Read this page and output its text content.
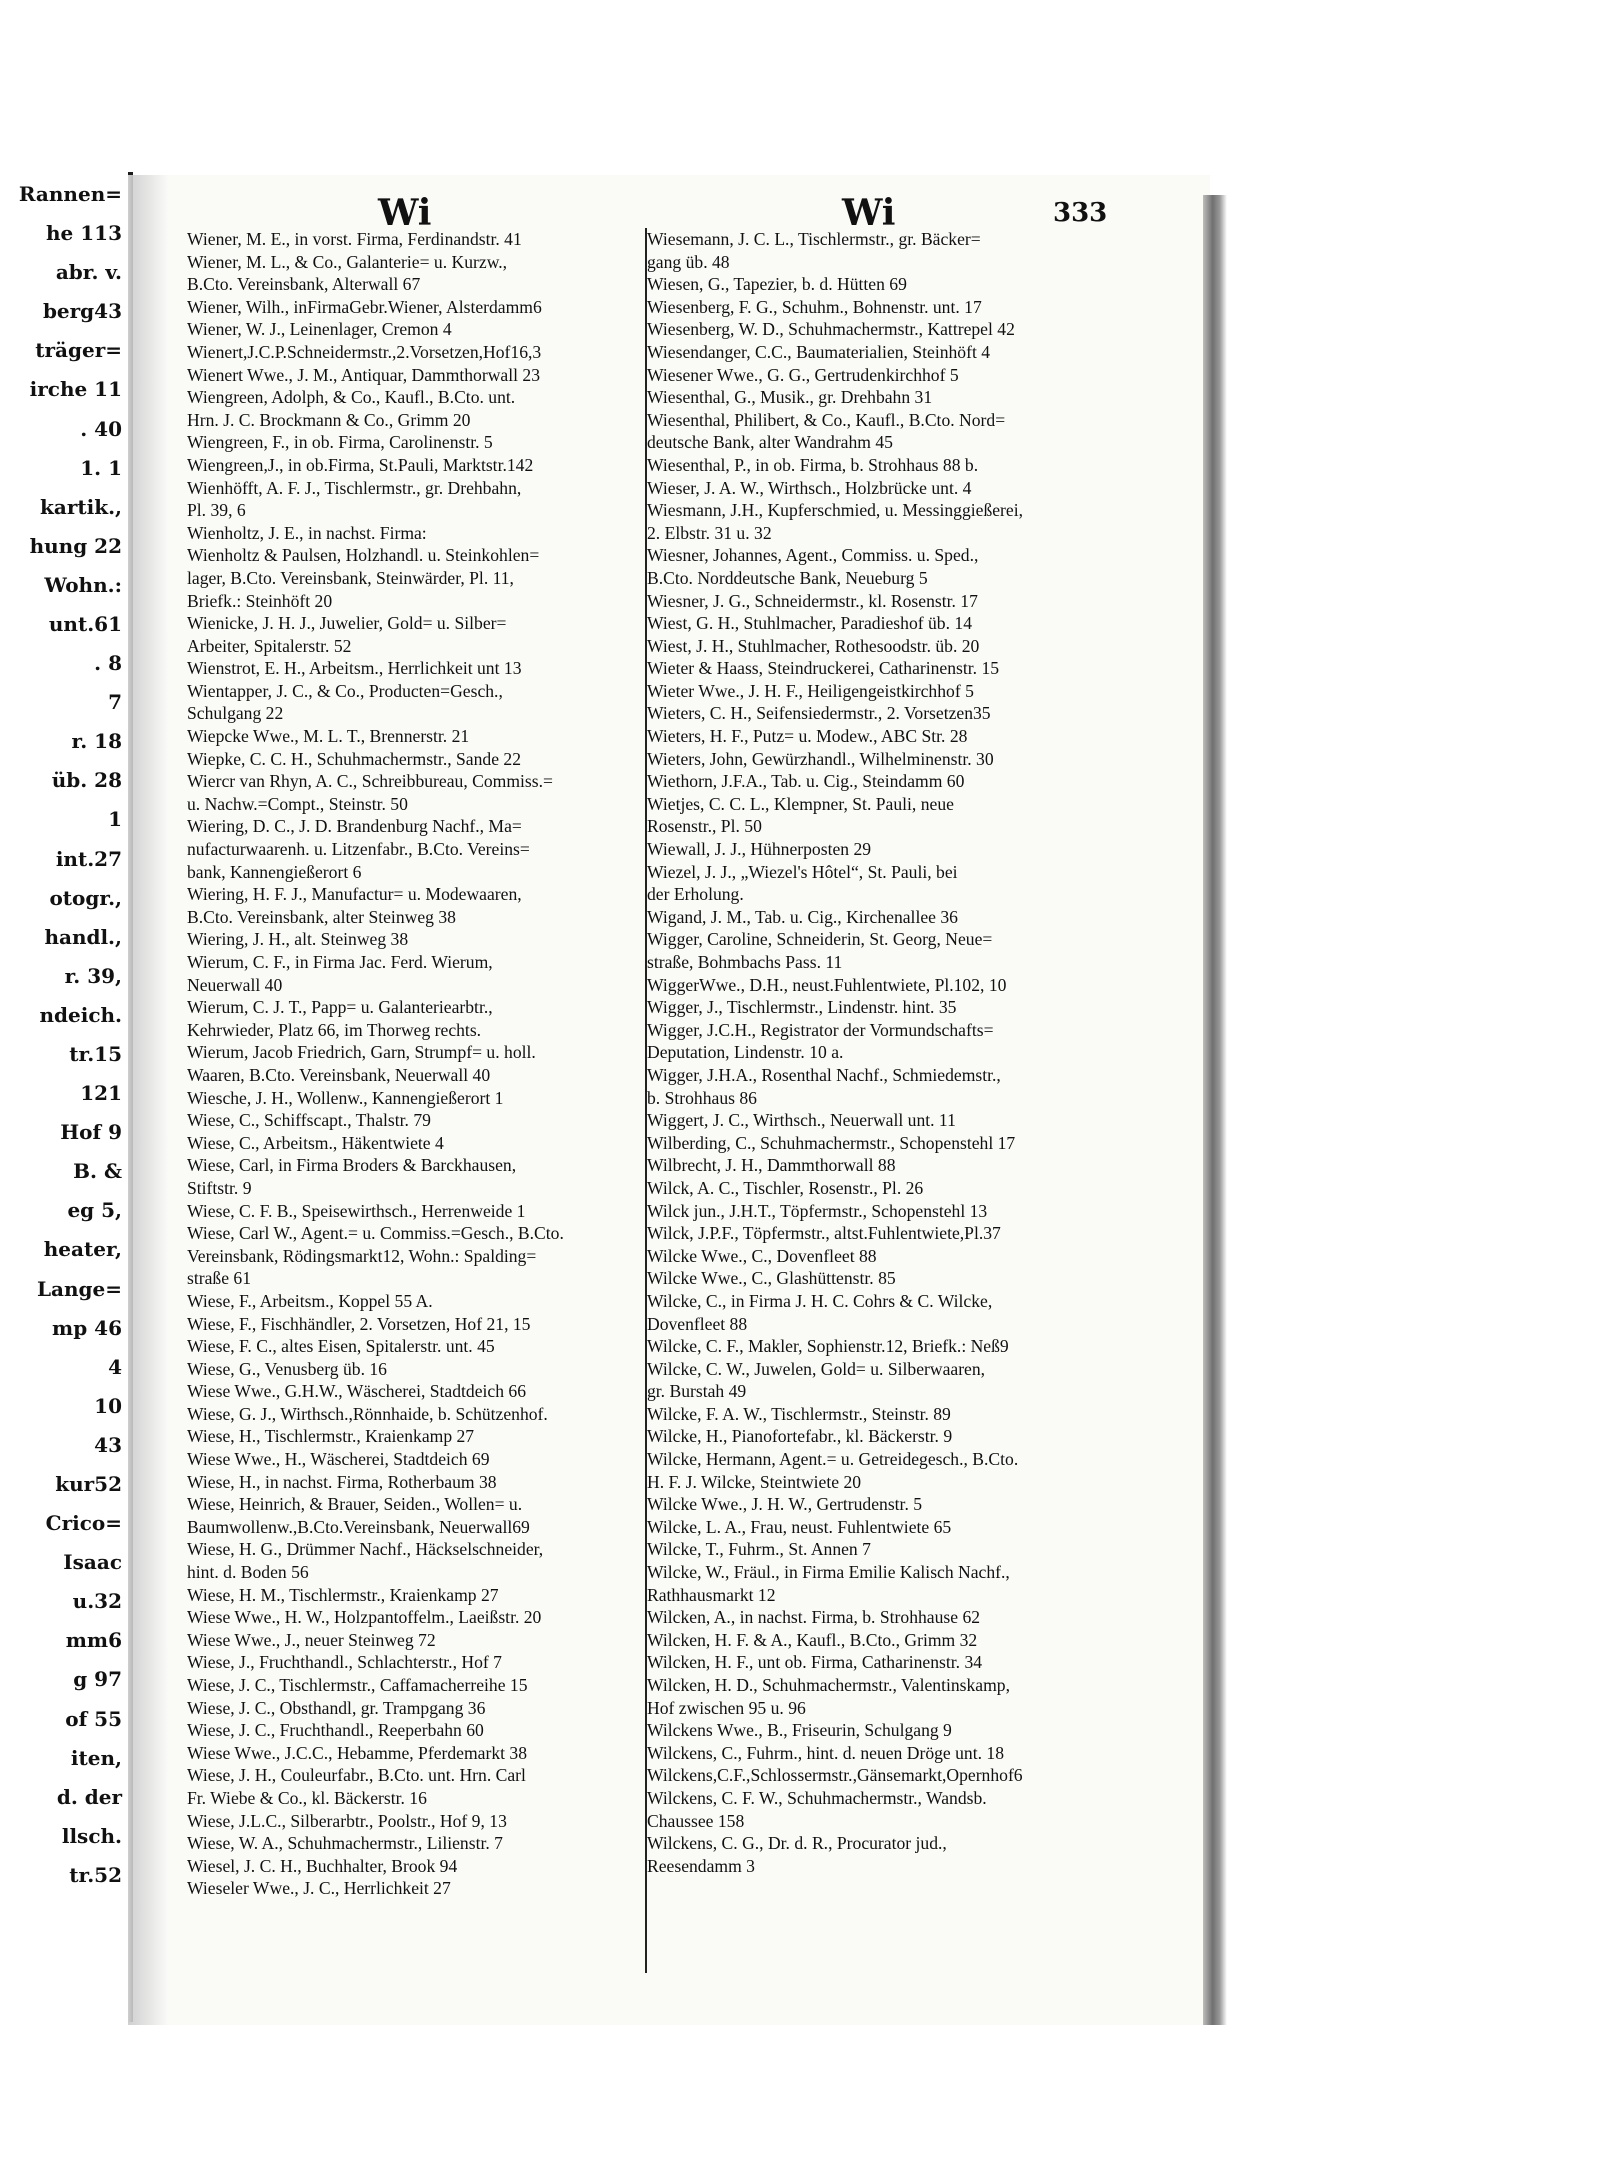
Rannen=
he 113
abr. v.
berg43
träger=
irche 11
. 40
1. 1
kartik.,
hung 22
Wohn.:
unt.61
. 8
7
r. 18
üb. 28
1
int.27
otogr.,
handl.,
r. 39,
ndeich.
tr.15
121
Hof 9
B. &
eg 5,
heater,
Lange=
mp 46
4
10
43
kur52
Crico=
Isaac
u.32
mm6
g 97
of 55
iten,
d. der
llsch.
tr.52
Wi	Wi	333

Wiener, M. E., in vorst. Firma, Ferdinandstr. 41

Wiener, M. L., & Co., Galanterie= u. Kurzw.,
B.Cto. Vereinsbank, Alterwall 67

Wiener, Wilh., inFirmaGebr.Wiener, Alsterdamm6

Wiener, W. J., Leinenlager, Cremon 4

Wienert,J.C.P.Schneidermstr.,2.Vorsetzen,Hof16,3

Wienert Wwe., J. M., Antiquar, Dammthorwall 23

Wiengreen, Adolph, & Co., Kaufl., B.Cto. unt.
Hrn. J. C. Brockmann & Co., Grimm 20

Wiengreen, F., in ob. Firma, Carolinenstr. 5

Wiengreen,J., in ob.Firma, St.Pauli, Marktstr.142

Wienhöfft, A. F. J., Tischlermstr., gr. Drehbahn,
Pl. 39, 6

Wienholtz, J. E., in nachst. Firma:

Wienholtz & Paulsen, Holzhandl. u. Steinkohlen=
lager, B.Cto. Vereinsbank, Steinwärder, Pl. 11,
Briefk.: Steinhöft 20

Wienicke, J. H. J., Juwelier, Gold= u. Silber=
Arbeiter, Spitalerstr. 52

Wienstrot, E. H., Arbeitsm., Herrlichkeit unt 13

Wientapper, J. C., & Co., Producten=Gesch.,
Schulgang 22

Wiepcke Wwe., M. L. T., Brennerstr. 21

Wiepke, C. C. H., Schuhmachermstr., Sande 22

Wiercr van Rhyn, A. C., Schreibbureau, Commiss.=
u. Nachw.=Compt., Steinstr. 50

Wiering, D. C., J. D. Brandenburg Nachf., Ma=
nufacturwaarenh. u. Litzenfabr., B.Cto. Vereins=
bank, Kannengießerort 6

Wiering, H. F. J., Manufactur= u. Modewaaren,
B.Cto. Vereinsbank, alter Steinweg 38

Wiering, J. H., alt. Steinweg 38

Wierum, C. F., in Firma Jac. Ferd. Wierum,
Neuerwall 40

Wierum, C. J. T., Papp= u. Galanteriearbtr.,
Kehrwieder, Platz 66, im Thorweg rechts.

Wierum, Jacob Friedrich, Garn, Strumpf= u. holl.
Waaren, B.Cto. Vereinsbank, Neuerwall 40

Wiesche, J. H., Wollenw., Kannengießerort 1

Wiese, C., Schiffscapt., Thalstr. 79

Wiese, C., Arbeitsm., Häkentwiete 4

Wiese, Carl, in Firma Broders & Barckhausen,
Stiftstr. 9

Wiese, C. F. B., Speisewirthsch., Herrenweide 1

Wiese, Carl W., Agent.= u. Commiss.=Gesch., B.Cto.
Vereinsbank, Rödingsmarkt12, Wohn.: Spalding=
straße 61

Wiese, F., Arbeitsm., Koppel 55 A.

Wiese, F., Fischhändler, 2. Vorsetzen, Hof 21, 15

Wiese, F. C., altes Eisen, Spitalerstr. unt. 45

Wiese, G., Venusberg üb. 16

Wiese Wwe., G.H.W., Wäscherei, Stadtdeich 66

Wiese, G. J., Wirthsch.,Rönnhaide, b. Schützenhof.

Wiese, H., Tischlermstr., Kraienkamp 27

Wiese Wwe., H., Wäscherei, Stadtdeich 69

Wiese, H., in nachst. Firma, Rotherbaum 38

Wiese, Heinrich, & Brauer, Seiden., Wollen= u.
Baumwollenw.,B.Cto.Vereinsbank, Neuerwall69

Wiese, H. G., Drümmer Nachf., Häckselschneider,
hint. d. Boden 56

Wiese, H. M., Tischlermstr., Kraienkamp 27

Wiese Wwe., H. W., Holzpantoffelm., Laeißstr. 20

Wiese Wwe., J., neuer Steinweg 72

Wiese, J., Fruchthandl., Schlachterstr., Hof 7

Wiese, J. C., Tischlermstr., Caffamacherreihe 15

Wiese, J. C., Obsthandl, gr. Trampgang 36

Wiese, J. C., Fruchthandl., Reeperbahn 60

Wiese Wwe., J.C.C., Hebamme, Pferdemarkt 38

Wiese, J. H., Couleurfabr., B.Cto. unt. Hrn. Carl
Fr. Wiebe & Co., kl. Bäckerstr. 16

Wiese, J.L.C., Silberarbtr., Poolstr., Hof 9, 13

Wiese, W. A., Schuhmachermstr., Lilienstr. 7

Wiesel, J. C. H., Buchhalter, Brook 94

Wieseler Wwe., J. C., Herrlichkeit 27

Wiesemann, J. C. L., Tischlermstr., gr. Bäcker=
gang üb. 48

Wiesen, G., Tapezier, b. d. Hütten 69

Wiesenberg, F. G., Schuhm., Bohnenstr. unt. 17

Wiesenberg, W. D., Schuhmachermstr., Kattrepel 42

Wiesendanger, C.C., Baumaterialien, Steinhöft 4

Wiesener Wwe., G. G., Gertrudenkirchhof 5

Wiesenthal, G., Musik., gr. Drehbahn 31

Wiesenthal, Philibert, & Co., Kaufl., B.Cto. Nord=
deutsche Bank, alter Wandrahm 45

Wiesenthal, P., in ob. Firma, b. Strohhaus 88 b.

Wieser, J. A. W., Wirthsch., Holzbrücke unt. 4

Wiesmann, J.H., Kupferschmied, u. Messinggießerei,
2. Elbstr. 31 u. 32

Wiesner, Johannes, Agent., Commiss. u. Sped.,
B.Cto. Norddeutsche Bank, Neueburg 5

Wiesner, J. G., Schneidermstr., kl. Rosenstr. 17

Wiest, G. H., Stuhlmacher, Paradieshof üb. 14

Wiest, J. H., Stuhlmacher, Rothesoodstr. üb. 20

Wieter & Haass, Steindruckerei, Catharinenstr. 15

Wieter Wwe., J. H. F., Heiligengeistkirchhof 5

Wieters, C. H., Seifensiedermstr., 2. Vorsetzen35

Wieters, H. F., Putz= u. Modew., ABC Str. 28

Wieters, John, Gewürzhandl., Wilhelminenstr. 30

Wiethorn, J.F.A., Tab. u. Cig., Steindamm 60

Wietjes, C. C. L., Klempner, St. Pauli, neue
Rosenstr., Pl. 50

Wiewall, J. J., Hühnerposten 29

Wiezel, J. J., „Wiezel's Hôtel“, St. Pauli, bei
der Erholung.

Wigand, J. M., Tab. u. Cig., Kirchenallee 36

Wigger, Caroline, Schneiderin, St. Georg, Neue=
straße, Bohmbachs Pass. 11

WiggerWwe., D.H., neust.Fuhlentwiete, Pl.102, 10

Wigger, J., Tischlermstr., Lindenstr. hint. 35

Wigger, J.C.H., Registrator der Vormundschafts=
Deputation, Lindenstr. 10 a.

Wigger, J.H.A., Rosenthal Nachf., Schmiedemstr.,
b. Strohhaus 86

Wiggert, J. C., Wirthsch., Neuerwall unt. 11

Wilberding, C., Schuhmachermstr., Schopenstehl 17

Wilbrecht, J. H., Dammthorwall 88

Wilck, A. C., Tischler, Rosenstr., Pl. 26

Wilck jun., J.H.T., Töpfermstr., Schopenstehl 13

Wilck, J.P.F., Töpfermstr., altst.Fuhlentwiete,Pl.37

Wilcke Wwe., C., Dovenfleet 88

Wilcke Wwe., C., Glashüttenstr. 85

Wilcke, C., in Firma J. H. C. Cohrs & C. Wilcke,
Dovenfleet 88

Wilcke, C. F., Makler, Sophienstr.12, Briefk.: Neß9

Wilcke, C. W., Juwelen, Gold= u. Silberwaaren,
gr. Burstah 49

Wilcke, F. A. W., Tischlermstr., Steinstr. 89

Wilcke, H., Pianofortefabr., kl. Bäckerstr. 9

Wilcke, Hermann, Agent.= u. Getreidegesch., B.Cto.
H. F. J. Wilcke, Steintwiete 20

Wilcke Wwe., J. H. W., Gertrudenstr. 5

Wilcke, L. A., Frau, neust. Fuhlentwiete 65

Wilcke, T., Fuhrm., St. Annen 7

Wilcke, W., Fräul., in Firma Emilie Kalisch Nachf.,
Rathhausmarkt 12

Wilcken, A., in nachst. Firma, b. Strohhause 62

Wilcken, H. F. & A., Kaufl., B.Cto., Grimm 32

Wilcken, H. F., unt ob. Firma, Catharinenstr. 34

Wilcken, H. D., Schuhmachermstr., Valentinskamp,
Hof zwischen 95 u. 96

Wilckens Wwe., B., Friseurin, Schulgang 9

Wilckens, C., Fuhrm., hint. d. neuen Dröge unt. 18

Wilckens,C.F.,Schlossermstr.,Gänsemarkt,Opernhof6

Wilckens, C. F. W., Schuhmachermstr., Wandsb.
Chaussee 158

Wilckens, C. G., Dr. d. R., Procurator jud.,
Reesendamm 3
